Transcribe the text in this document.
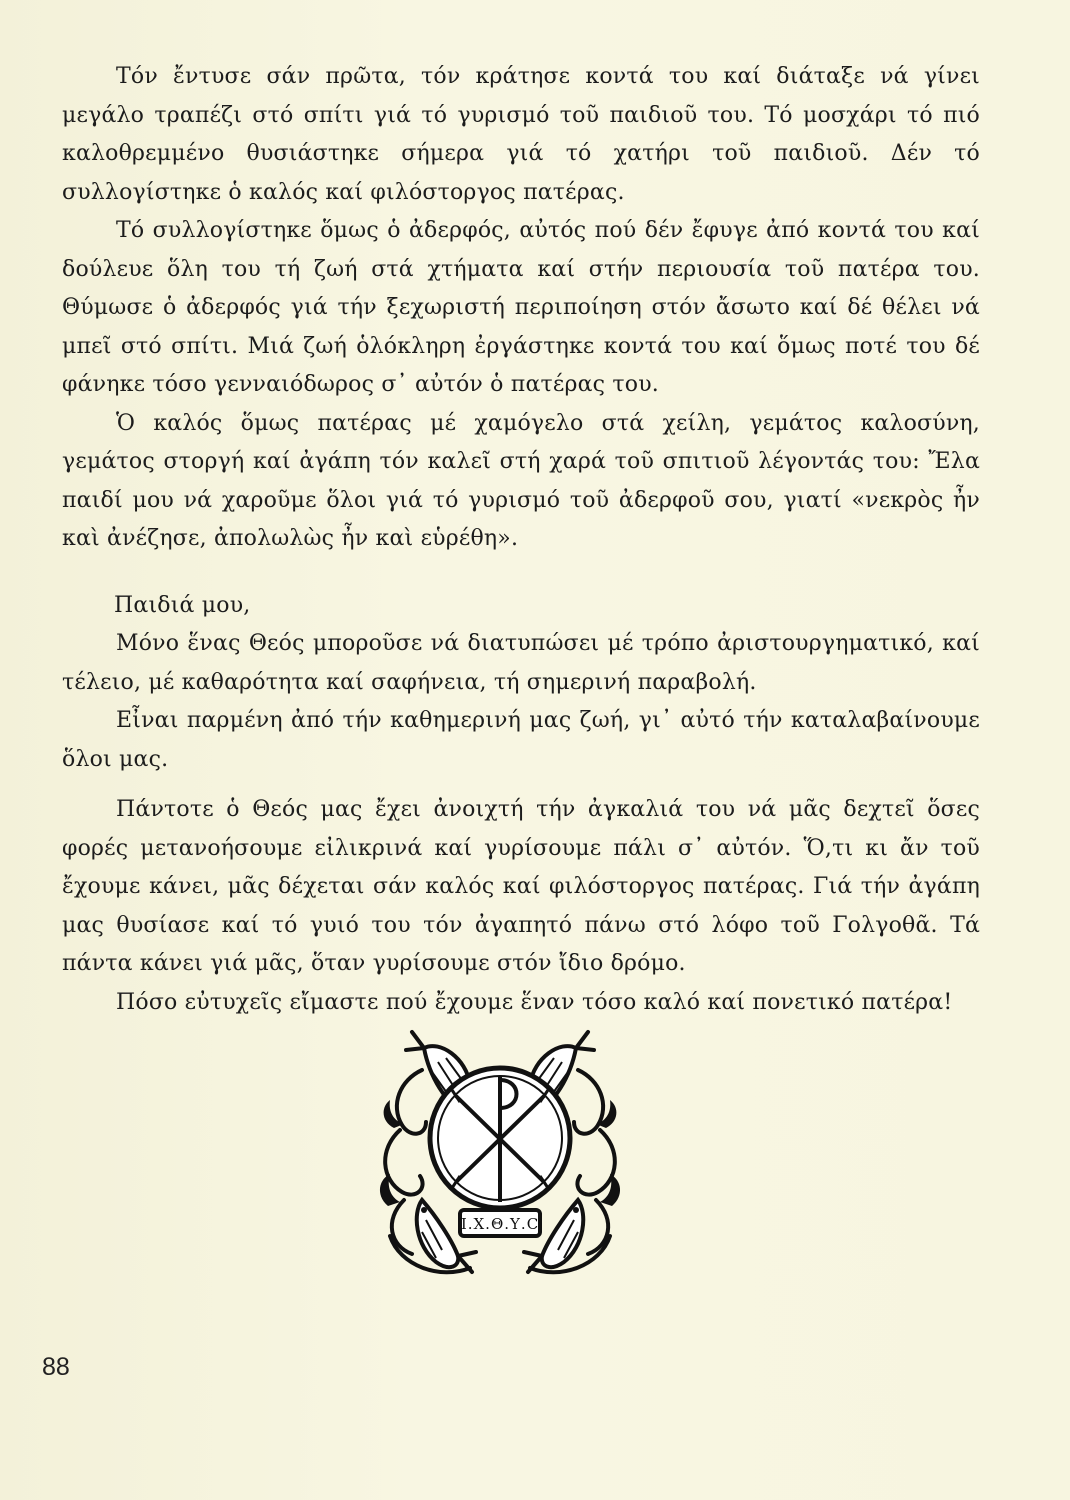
Τόν ἔντυσε σάν πρῶτα, τόν κράτησε κοντά του καί διάταξε νά γίνει μεγάλο τραπέζι στό σπίτι γιά τό γυρισμό τοῦ παιδιοῦ του. Τό μοσχάρι τό πιό καλοθρεμμένο θυσιάστηκε σήμερα γιά τό χατήρι τοῦ παιδιοῦ. Δέν τό συλλογίστηκε ὁ καλός καί φιλόστοργος πατέρας.

Τό συλλογίστηκε ὅμως ὁ ἀδερφός, αὐτός πού δέν ἔφυγε ἀπό κοντά του καί δούλευε ὅλη του τή ζωή στά χτήματα καί στήν περιουσία τοῦ πατέρα του. Θύμωσε ὁ ἀδερφός γιά τήν ξεχωριστή περιποίηση στόν ἄσωτο καί δέ θέλει νά μπεῖ στό σπίτι. Μιά ζωή ὁλόκληρη ἐργάστηκε κοντά του καί ὅμως ποτέ του δέ φάνηκε τόσο γενναιόδωρος σ᾿ αὐτόν ὁ πατέρας του.

Ὁ καλός ὅμως πατέρας μέ χαμόγελο στά χείλη, γεμάτος καλοσύνη, γεμάτος στοργή καί ἀγάπη τόν καλεῖ στή χαρά τοῦ σπιτιοῦ λέγοντάς του: Ἔλα παιδί μου νά χαροῦμε ὅλοι γιά τό γυρισμό τοῦ ἀδερφοῦ σου, γιατί «νεκρὸς ἦν καὶ ἀνέζησε, ἀπολωλὼς ἦν καὶ εὑρέθη».

Παιδιά μου,

Μόνο ἕνας Θεός μποροῦσε νά διατυπώσει μέ τρόπο ἀριστουργηματικό, καί τέλειο, μέ καθαρότητα καί σαφήνεια, τή σημερινή παραβολή.

Εἶναι παρμένη ἀπό τήν καθημερινή μας ζωή, γι᾿ αὐτό τήν καταλαβαίνουμε ὅλοι μας.

Πάντοτε ὁ Θεός μας ἔχει ἀνοιχτή τήν ἀγκαλιά του νά μᾶς δεχτεῖ ὅσες φορές μετανοήσουμε εἰλικρινά καί γυρίσουμε πάλι σ᾿ αὐτόν. Ὅ,τι κι ἄν τοῦ ἔχουμε κάνει, μᾶς δέχεται σάν καλός καί φιλόστοργος πατέρας. Γιά τήν ἀγάπη μας θυσίασε καί τό γυιό του τόν ἀγαπητό πάνω στό λόφο τοῦ Γολγοθᾶ. Τά πάντα κάνει γιά μᾶς, ὅταν γυρίσουμε στόν ἴδιο δρόμο.

Πόσο εὐτυχεῖς εἴμαστε πού ἔχουμε ἕναν τόσο καλό καί πονετικό πατέρα!

Ι.Χ.Θ.Υ.C
88
